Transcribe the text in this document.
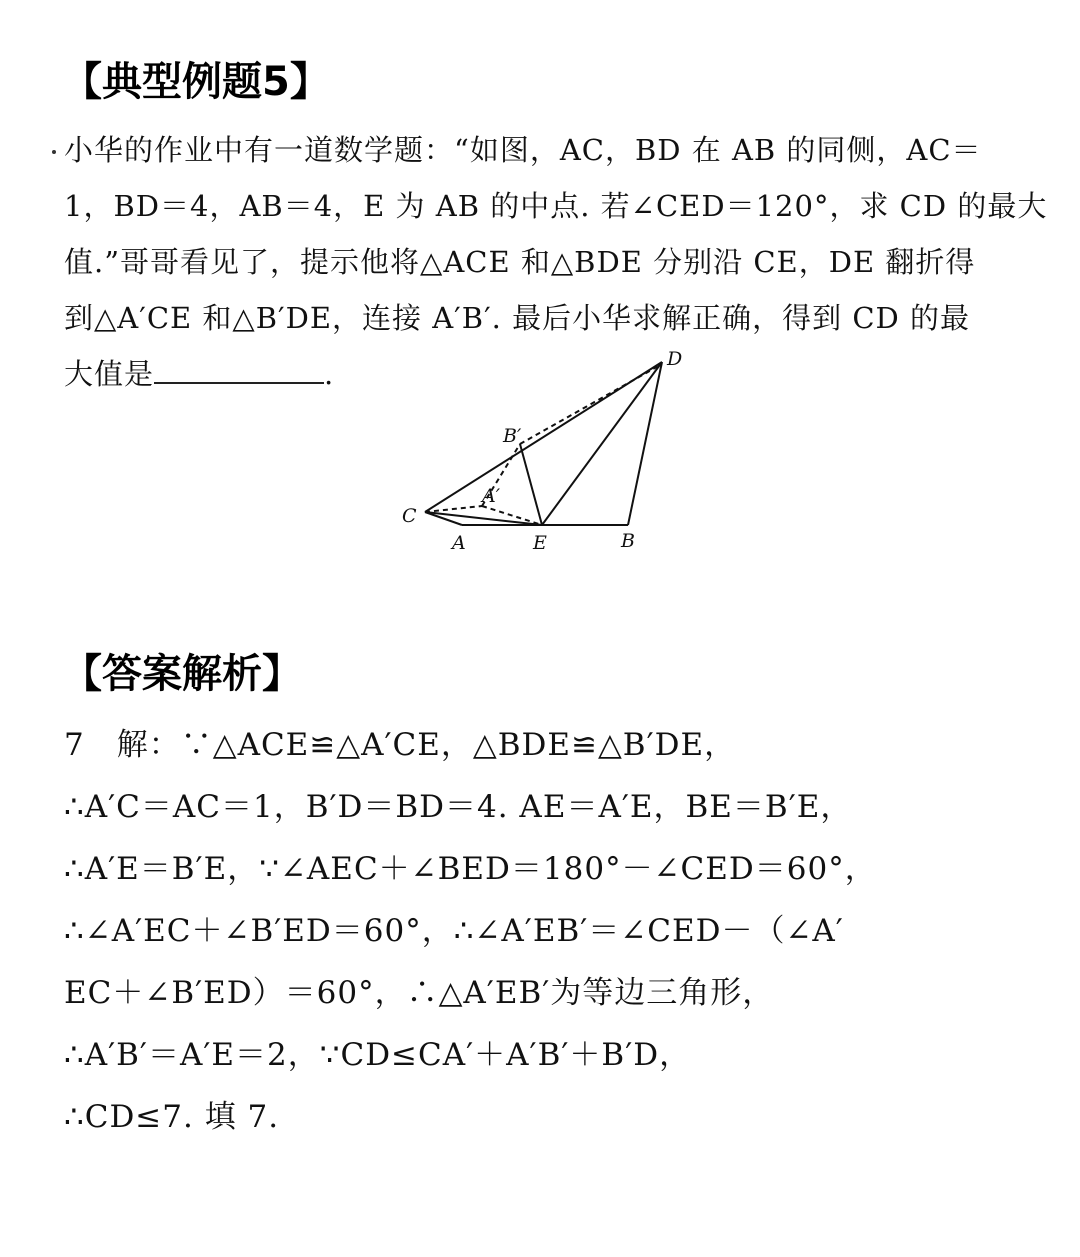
【典型例题5】
小华的作业中有一道数学题：“如图，AC，BD 在 AB 的同侧，AC＝
1，BD＝4，AB＝4，E 为 AB 的中点. 若∠CED＝120°，求 CD 的最大
值.”哥哥看见了，提示他将△ACE 和△BDE 分别沿 CE，DE 翻折得
到△A′CE 和△B′DE，连接 A′B′. 最后小华求解正确，得到 CD 的最
大值是	.	D
B′
A′
C
A	E	B
【答案解析】
7　解：∵△ACE≌△A′CE，△BDE≌△B′DE，
∴A′C＝AC＝1，B′D＝BD＝4. AE＝A′E，BE＝B′E，
∴A′E＝B′E，∵∠AEC＋∠BED＝180°－∠CED＝60°，
∴∠A′EC＋∠B′ED＝60°，∴∠A′EB′＝∠CED－（∠A′
EC＋∠B′ED）＝60°，∴△A′EB′为等边三角形，
∴A′B′＝A′E＝2，∵CD≤CA′＋A′B′＋B′D，
∴CD≤7. 填 7.
